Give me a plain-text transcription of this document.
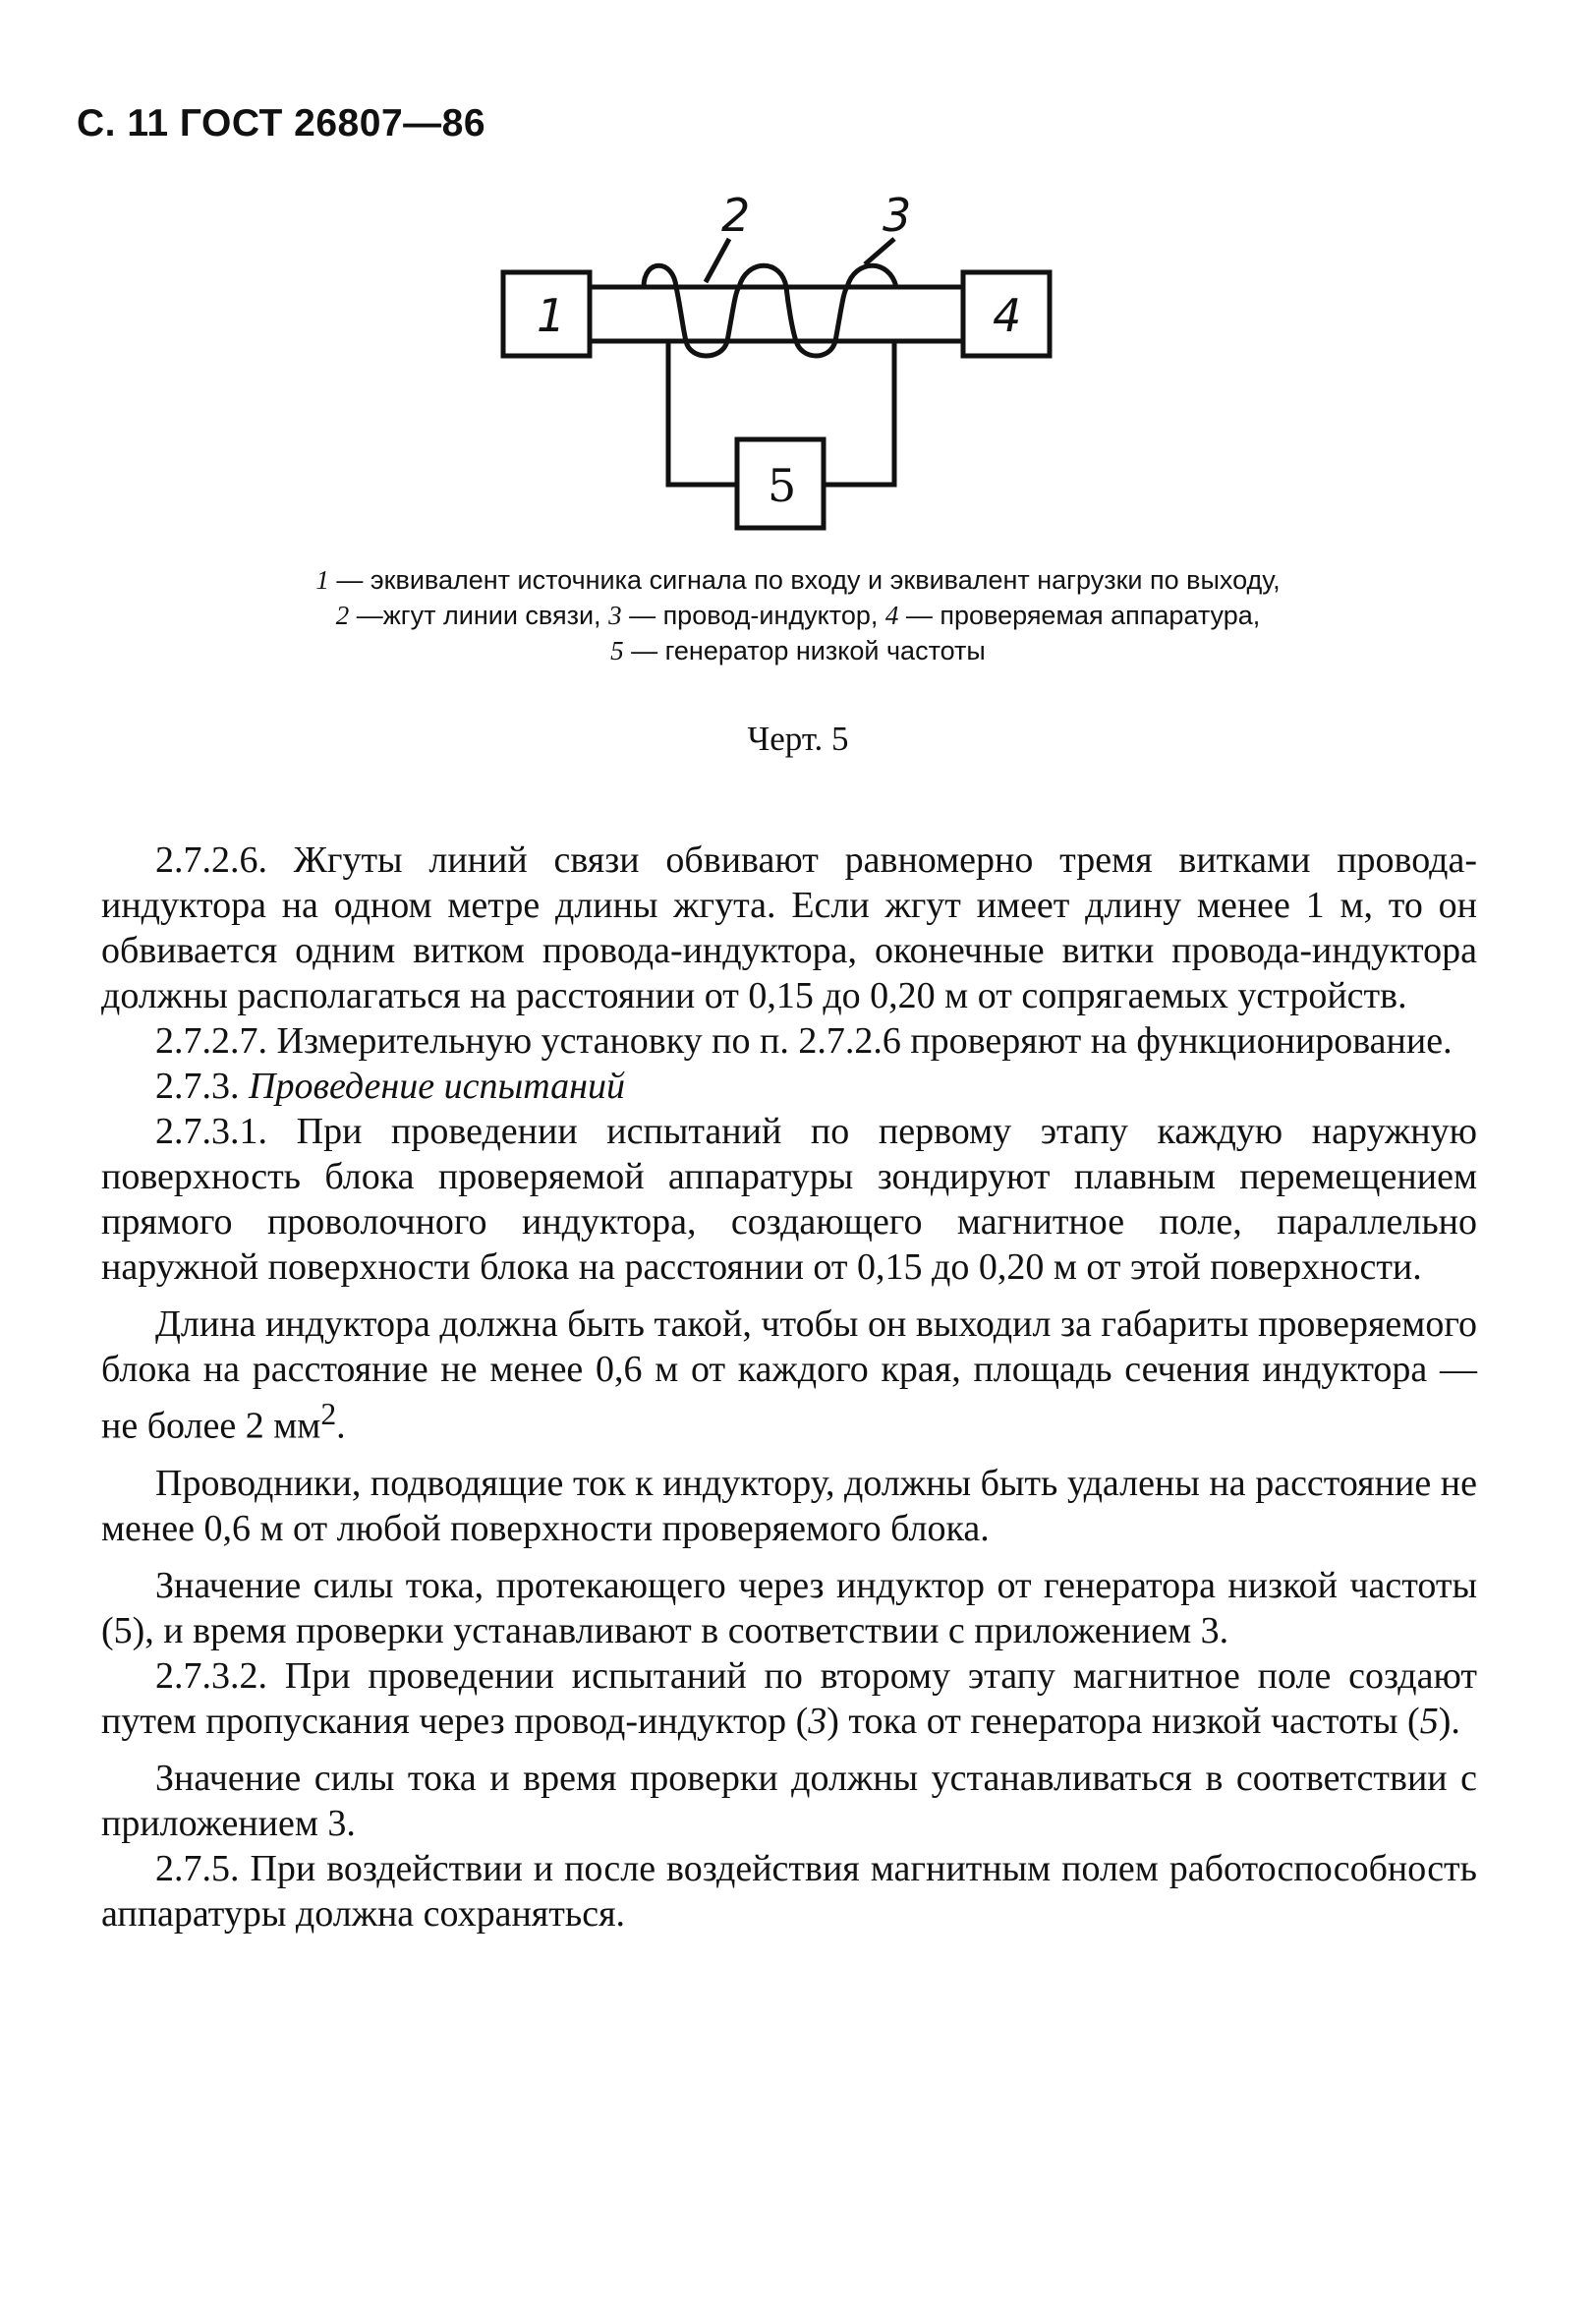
С. 11 ГОСТ 26807—86
1	4
5
2	3
1 — эквивалент источника сигнала по входу и эквивалент нагрузки по выходу,
2 —жгут линии связи, 3 — провод-индуктор, 4 — проверяемая аппаратура,
5 — генератор низкой частоты
Черт. 5

2.7.2.6. Жгуты линий связи обвивают равномерно тремя витками провода-индуктора на одном метре длины жгута. Если жгут имеет длину менее 1 м, то он обвивается одним витком провода-индуктора, оконечные витки провода-индуктора должны располагаться на расстоянии от 0,15 до 0,20 м от сопрягаемых устройств.

2.7.2.7. Измерительную установку по п. 2.7.2.6 проверяют на функционирование.

2.7.3. Проведение испытаний

2.7.3.1. При проведении испытаний по первому этапу каждую наружную поверхность блока проверяемой аппаратуры зондируют плавным перемещением прямого проволочного индуктора, создающего магнитное поле, параллельно наружной поверхности блока на расстоянии от 0,15 до 0,20 м от этой поверхности.

Длина индуктора должна быть такой, чтобы он выходил за габариты проверяемого блока на расстояние не менее 0,6 м от каждого края, площадь сечения индуктора — не более 2 $мм^2$.

Проводники, подводящие ток к индуктору, должны быть удалены на расстояние не менее 0,6 м от любой поверхности проверяемого блока.

Значение силы тока, протекающего через индуктор от генератора низкой частоты (5), и время проверки устанавливают в соответствии с приложением 3.

2.7.3.2. При проведении испытаний по второму этапу магнитное поле создают путем пропускания через провод-индуктор (3) тока от генератора низкой частоты (5).

Значение силы тока и время проверки должны устанавливаться в соответствии с приложением 3.

2.7.5. При воздействии и после воздействия магнитным полем работоспособность аппаратуры должна сохраняться.
